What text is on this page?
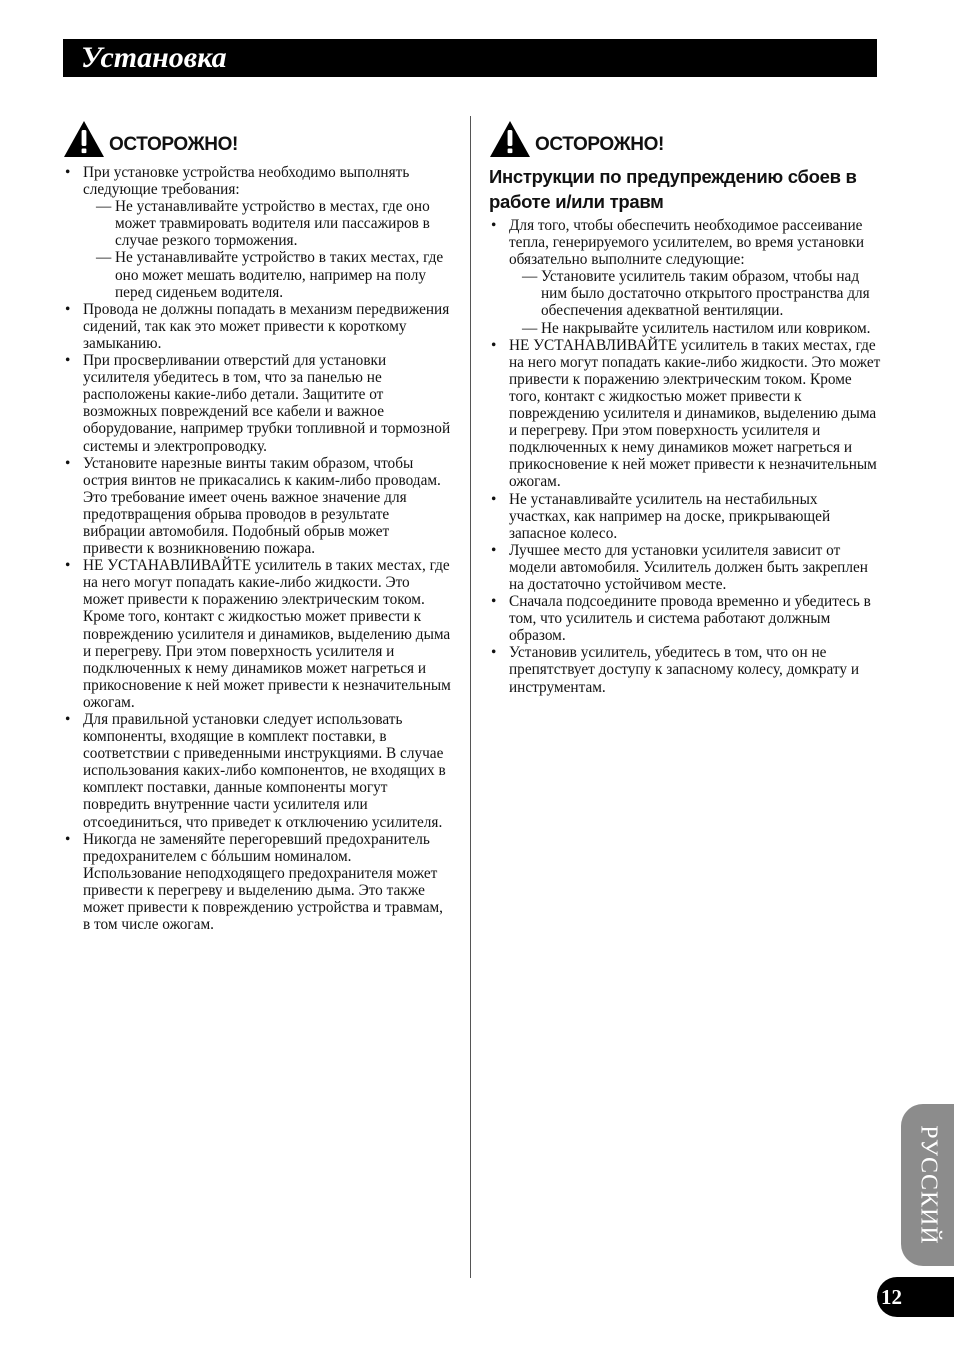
Установка
ОСТОРОЖНО!
• При установке устройства необходимо выполнять следующие требования:
— Не устанавливайте устройство в местах, где оно может травмировать водителя или пассажиров в случае резкого торможения.
— Не устанавливайте устройство в таких местах, где оно может мешать водителю, например на полу перед сиденьем водителя.
• Провода не должны попадать в механизм передвижения сидений, так как это может привести к короткому замыканию.
• При просверливании отверстий для установки усилителя убедитесь в том, что за панелью не расположены какие-либо детали. Защитите от возможных повреждений все кабели и важное оборудование, например трубки топливной и тормозной системы и электропроводку.
• Установите нарезные винты таким образом, чтобы острия винтов не прикасались к каким-либо проводам. Это требование имеет очень важное значение для предотвращения обрыва проводов в результате вибрации автомобиля. Подобный обрыв может привести к возникновению пожара.
• НЕ УСТАНАВЛИВАЙТЕ усилитель в таких местах, где на него могут попадать какие-либо жидкости. Это может привести к поражению электрическим током. Кроме того, контакт с жидкостью может привести к повреждению усилителя и динамиков, выделению дыма и перегреву. При этом поверхность усилителя и подключенных к нему динамиков может нагреться и прикосновение к ней может привести к незначительным ожогам.
• Для правильной установки следует использовать компоненты, входящие в комплект поставки, в соответствии с приведенными инструкциями. В случае использования каких-либо компонентов, не входящих в комплект поставки, данные компоненты могут повредить внутренние части усилителя или отсоединиться, что приведет к отключению усилителя.
• Никогда не заменяйте перегоревший предохранитель предохранителем с бóльшим номиналом. Использование неподходящего предохранителя может привести к перегреву и выделению дыма. Это также может привести к повреждению устройства и травмам, в том числе ожогам.
ОСТОРОЖНО!
Инструкции по предупреждению сбоев в работе и/или травм
• Для того, чтобы обеспечить необходимое рассеивание тепла, генерируемого усилителем, во время установки обязательно выполните следующие:
— Установите усилитель таким образом, чтобы над ним было достаточно открытого пространства для обеспечения адекватной вентиляции.
— Не накрывайте усилитель настилом или ковриком.
• НЕ УСТАНАВЛИВАЙТЕ усилитель в таких местах, где на него могут попадать какие-либо жидкости. Это может привести к поражению электрическим током. Кроме того, контакт с жидкостью может привести к повреждению усилителя и динамиков, выделению дыма и перегреву. При этом поверхность усилителя и подключенных к нему динамиков может нагреться и прикосновение к ней может привести к незначительным ожогам.
• Не устанавливайте усилитель на нестабильных участках, как например на доске, прикрывающей запасное колесо.
• Лучшее место для установки усилителя зависит от модели автомобиля. Усилитель должен быть закреплен на достаточно устойчивом месте.
• Сначала подсоедините провода временно и убедитесь в том, что усилитель и система работают должным образом.
• Установив усилитель, убедитесь в том, что он не препятствует доступу к запасному колесу, домкрату и инструментам.
РУССКИЙ
12
